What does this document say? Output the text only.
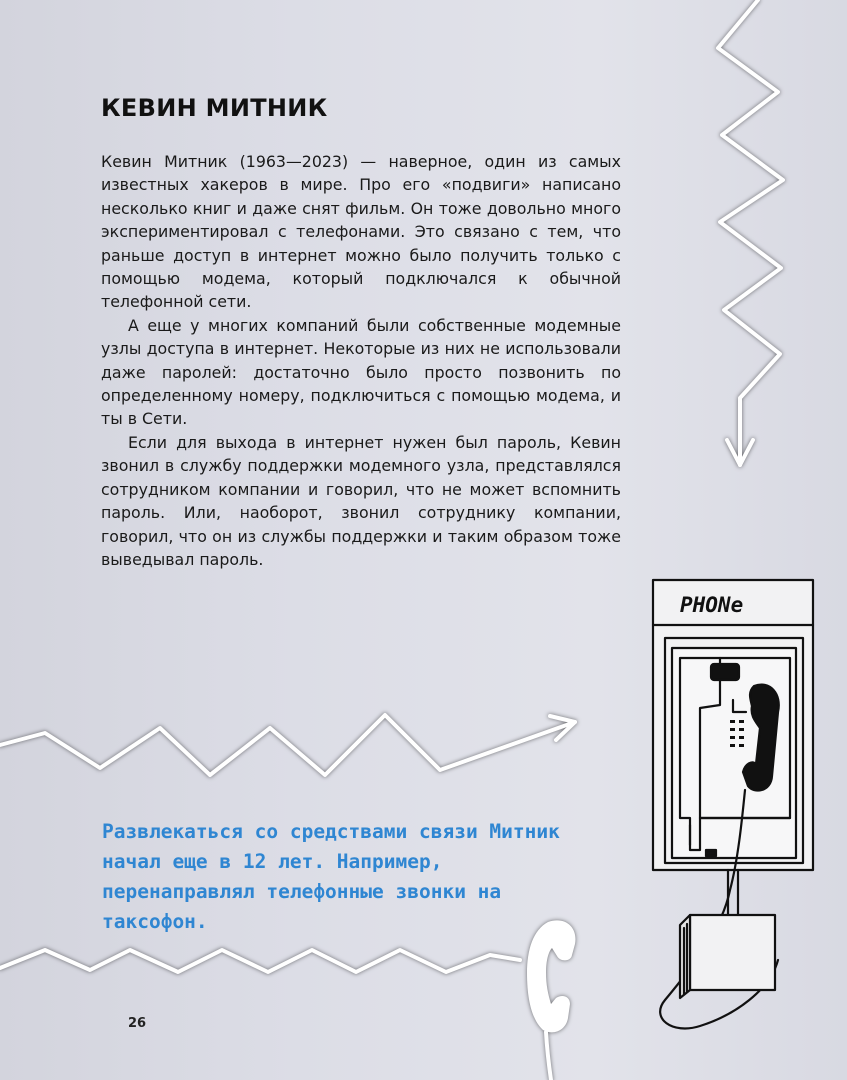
PHONe
КЕВИН МИТНИК

Кевин Митник (1963—2023) — наверное, один из самых известных хакеров в мире. Про его «подвиги» написано несколько книг и даже снят фильм. Он тоже довольно много экспериментировал с телефонами. Это связано с тем, что раньше доступ в интернет можно было получить только с помощью модема, который подключался к обычной телефонной сети.

А еще у многих компаний были собственные модемные узлы доступа в интернет. Некоторые из них не использовали даже паролей: достаточно было просто позвонить по определенному номеру, подключиться с помощью модема, и ты в Сети.

Если для выхода в интернет нужен был пароль, Кевин звонил в службу поддержки модемного узла, представлялся сотрудником компании и говорил, что не может вспомнить пароль. Или, наоборот, звонил сотруднику компании, говорил, что он из службы поддержки и таким образом тоже выведывал пароль.

Развлекаться со средствами связи Митник начал еще в 12 лет. Например, перенаправлял телефонные звонки на таксофон.
26
